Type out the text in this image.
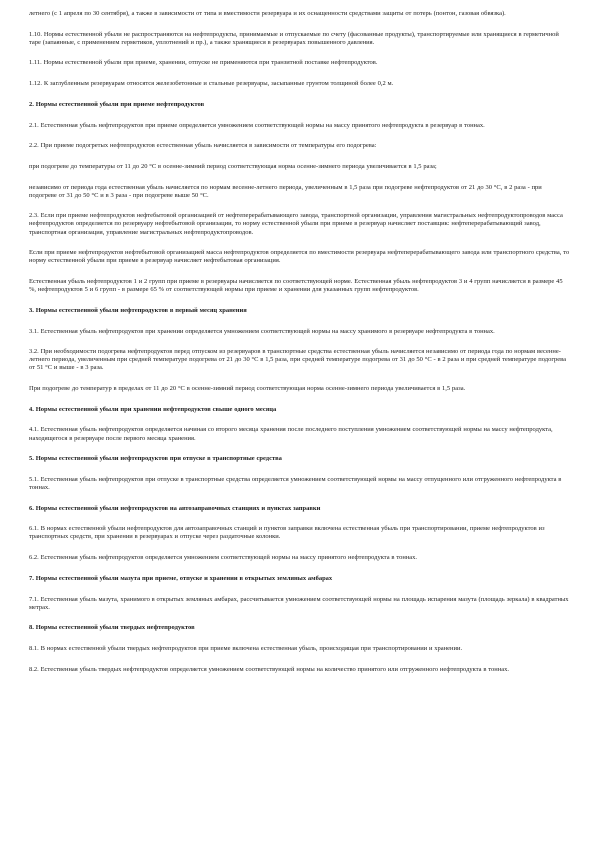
летнего (с 1 апреля по 30 сентября), а также в зависимости от типа и вместимости резервуара и их оснащенности средствами защиты от потерь (понтон, газовая обвязка).

1.10. Нормы естественной убыли не распространяются на нефтепродукты, принимаемые и отпускаемые по счету (фасованные продукты), транспортируемые или хранящиеся в герметичной таре (запаянные, с применением герметиков, уплотнений и пр.), а также хранящиеся в резервуарах повышенного давления.

1.11. Нормы естественной убыли при приеме, хранении, отпуске не применяются при транзитной поставке нефтепродуктов.

1.12. К заглубленным резервуарам относятся железобетонные и стальные резервуары, засыпанные грунтом толщиной более 0,2 м.

2. Нормы естественной убыли при приеме нефтепродуктов

2.1. Естественная убыль нефтепродуктов при приеме определяется умножением соответствующей нормы на массу принятого нефтепродукта в резервуар в тоннах.

2.2. При приеме подогретых нефтепродуктов естественная убыль начисляется в зависимости от температуры его подогрева:

при подогреве до температуры от 11 до 20 °С в осенне-зимний период соответствующая норма осенне-зимнего периода увеличивается в 1,5 раза;

независимо от периода года естественная убыль начисляется по нормам весенне-летнего периода, увеличенным в 1,5 раза при подогреве нефтепродуктов от 21 до 30 °С, в 2 раза - при подогреве от 31 до 50 °С и в 3 раза - при подогреве выше 50 °С.

2.3. Если при приеме нефтепродуктов нефтебытовой организацией от нефтеперерабатывающего завода, транспортной организации, управления магистральных нефтепродуктопроводов масса нефтепродуктов определяется по резервуару нефтебытовой организации, то норму естественной убыли при приеме в резервуар начисляет поставщик: нефтеперерабатывающий завод, транспортная организация, управление магистральных нефтепродуктопроводов.

Если при приеме нефтепродуктов нефтебытовой организацией масса нефтепродуктов определяется по вместимости резервуара нефтеперерабатывающего завода или транспортного средства, то норму естественной убыли при приеме в резервуар начисляет нефтебытовая организация.

Естественная убыль нефтепродуктов 1 и 2 групп при приеме в резервуары начисляется по соответствующей норме. Естественная убыль нефтепродуктов 3 и 4 групп начисляется в размере 45 %, нефтепродуктов 5 и 6 групп - в размере 65 % от соответствующей нормы при приеме и хранении для указанных групп нефтепродуктов.

3. Нормы естественной убыли нефтепродуктов в первый месяц хранения

3.1. Естественная убыль нефтепродуктов при хранении определяется умножением соответствующей нормы на массу хранимого в резервуаре нефтепродукта в тоннах.

3.2. При необходимости подогрева нефтепродуктов перед отпуском из резервуаров в транспортные средства естественная убыль начисляется независимо от периода года по нормам весенне-летнего периода, увеличенным при средней температуре подогрева от 21 до 30 °С в 1,5 раза, при средней температуре подогрева от 31 до 50 °С - в 2 раза и при средней температуре подогрева от 51 °С и выше - в 3 раза.

При подогреве до температур в пределах от 11 до 20 °С в осенне-зимний период соответствующая норма осенне-зимнего периода увеличивается в 1,5 раза.

4. Нормы естественной убыли при хранении нефтепродуктов свыше одного месяца

4.1. Естественная убыль нефтепродуктов определяется начиная со второго месяца хранения после последнего поступления умножением соответствующей нормы на массу нефтепродукта, находящегося в резервуаре после первого месяца хранения.

5. Нормы естественной убыли нефтепродуктов при отпуске в транспортные средства

5.1. Естественная убыль нефтепродуктов при отпуске в транспортные средства определяется умножением соответствующей нормы на массу отпущенного или отгруженного нефтепродукта в тоннах.

6. Нормы естественной убыли нефтепродуктов на автозаправочных станциях и пунктах заправки

6.1. В нормах естественной убыли нефтепродуктов для автозаправочных станций и пунктов заправки включена естественная убыль при транспортировании, приеме нефтепродуктов из транспортных средств, при хранении в резервуарах и отпуске через раздаточные колонки.

6.2. Естественная убыль нефтепродуктов определяется умножением соответствующей нормы на массу принятого нефтепродукта в тоннах.

7. Нормы естественной убыли мазута при приеме, отпуске и хранении в открытых земляных амбарах

7.1. Естественная убыль мазута, хранимого в открытых земляных амбарах, рассчитывается умножением соответствующей нормы на площадь испарения мазута (площадь зеркала) в квадратных метрах.

8. Нормы естественной убыли твердых нефтепродуктов

8.1. В нормах естественной убыли твердых нефтепродуктов при приеме включена естественная убыль, происходящая при транспортировании и хранении.

8.2. Естественная убыль твердых нефтепродуктов определяется умножением соответствующей нормы на количество принятого или отгруженного нефтепродукта в тоннах.
